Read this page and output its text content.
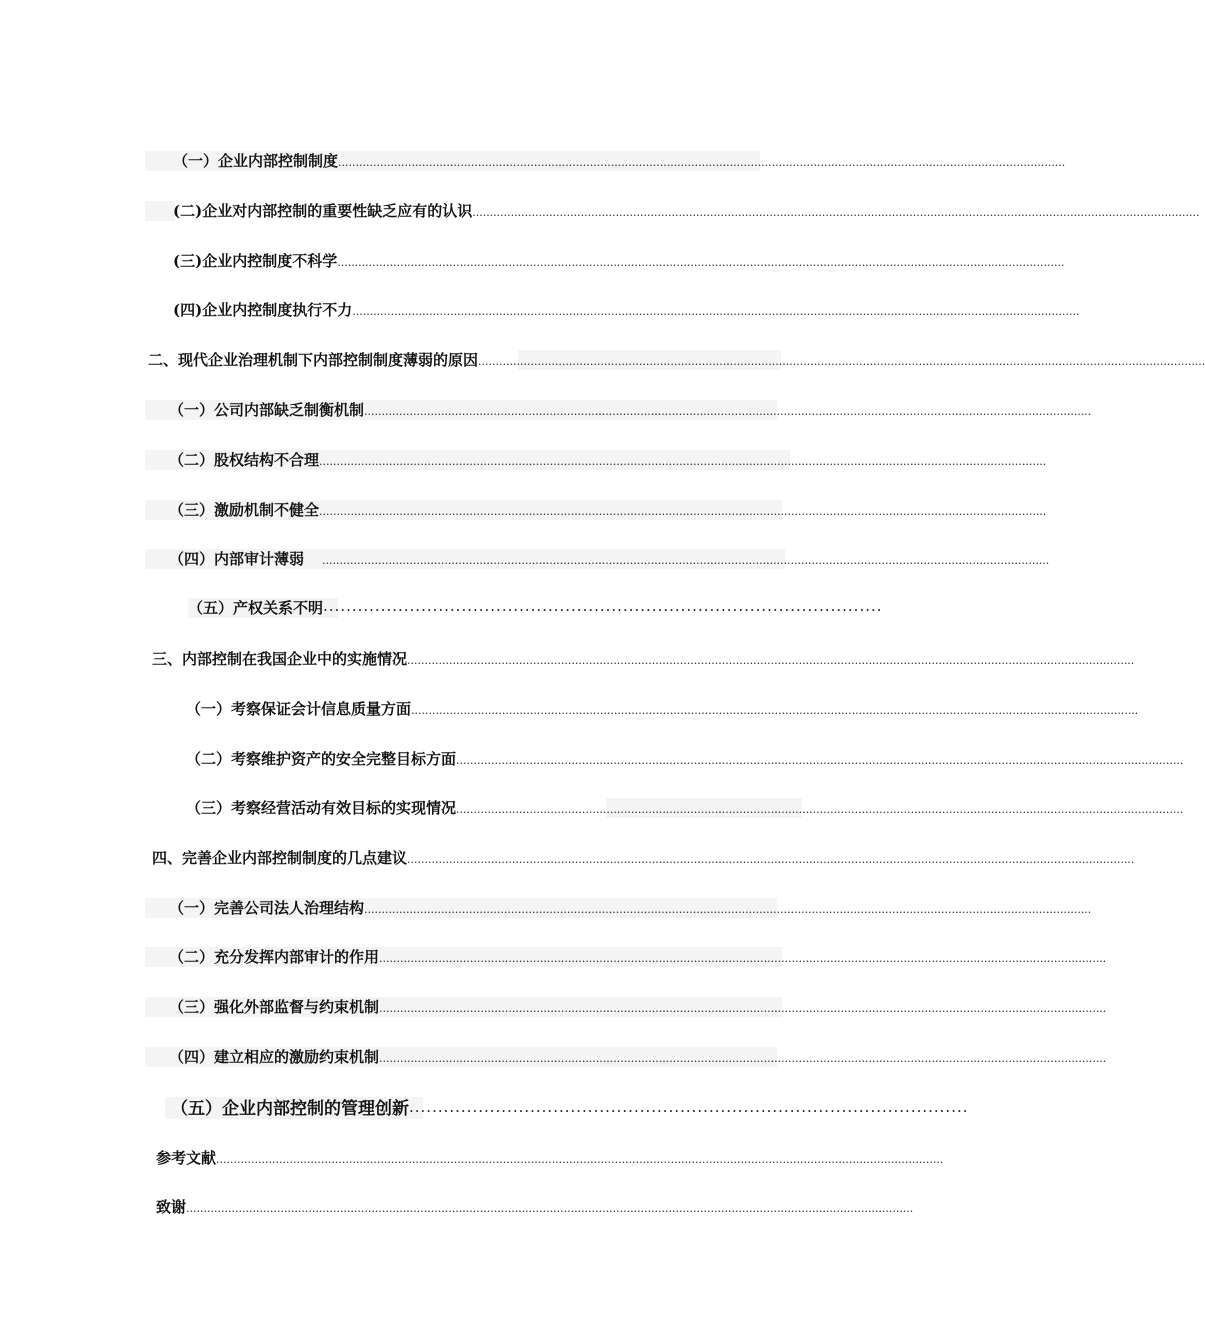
（一）企业内部控制制度 ................................................................................................................................................................................................................
(二)企业对内部控制的重要性缺乏应有的认识 ................................................................................................................................................................................................................
(三)企业内控制度不科学 ................................................................................................................................................................................................................
(四)企业内控制度执行不力 ................................................................................................................................................................................................................
二、现代企业治理机制下内部控制制度薄弱的原因 ................................................................................................................................................................................................................
（一）公司内部缺乏制衡机制 ................................................................................................................................................................................................................
（二）股权结构不合理 ................................................................................................................................................................................................................
（三）激励机制不健全 ................................................................................................................................................................................................................
（四）内部审计薄弱	................................................................................................................................................................................................................
（五）产权关系不明 ·································································································
三、内部控制在我国企业中的实施情况 ................................................................................................................................................................................................................
（一）考察保证会计信息质量方面 ................................................................................................................................................................................................................
（二）考察维护资产的安全完整目标方面 ................................................................................................................................................................................................................
（三）考察经营活动有效目标的实现情况 ................................................................................................................................................................................................................
四、完善企业内部控制制度的几点建议 ................................................................................................................................................................................................................
（一）完善公司法人治理结构 ................................................................................................................................................................................................................
（二）充分发挥内部审计的作用 ................................................................................................................................................................................................................
（三）强化外部监督与约束机制 ................................................................................................................................................................................................................
（四）建立相应的激励约束机制 ................................................................................................................................................................................................................
（五）企业内部控制的管理创新 ·································································································
参考文献 ................................................................................................................................................................................................................
致谢 ................................................................................................................................................................................................................
